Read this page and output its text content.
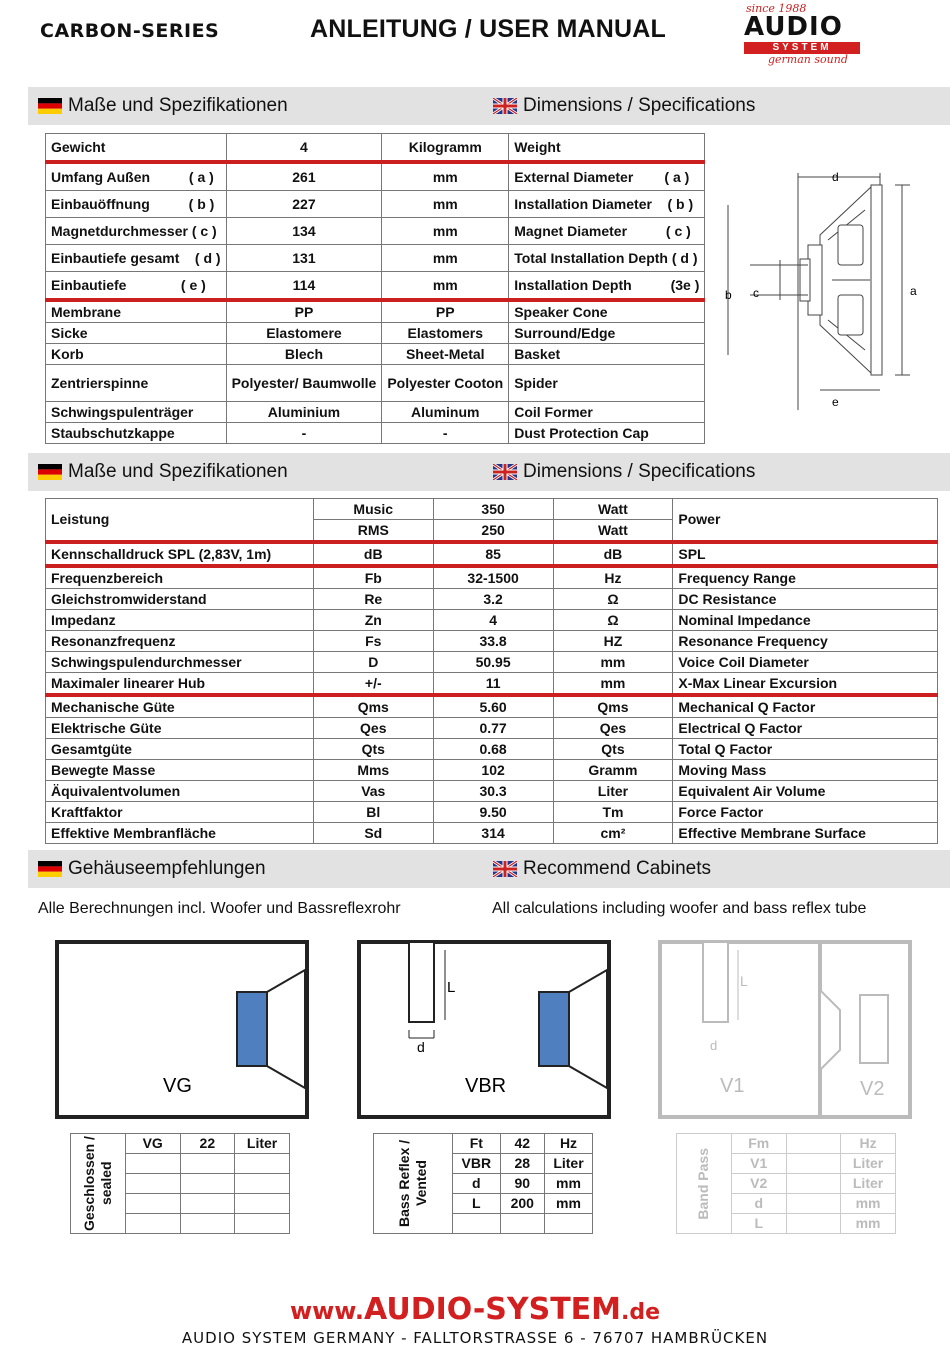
CARBON-SERIES	ANLEITUNG / USER MANUAL
since 1988
AUDIO
SYSTEM
german sound
Maße und Spezifikationen	Dimensions / Specifications
Gewicht	4	Kilogramm	Weight
Umfang Außen          ( a )	261	mm	External Diameter        ( a )
Einbauöffnung          ( b )	227	mm	Installation Diameter    ( b )
Magnetdurchmesser ( c )	134	mm	Magnet Diameter          ( c )
Einbautiefe gesamt    ( d )	131	mm	Total Installation Depth ( d )
Einbautiefe              ( e )	114	mm	Installation Depth          (3e )
Membrane	PP	PP	Speaker Cone
Sicke	Elastomere	Elastomers	Surround/Edge
Korb	Blech	Sheet-Metal	Basket
Zentrierspinne	Polyester/ Baumwolle	Polyester Cooton	Spider
Schwingspulenträger	Aluminium	Aluminum	Coil Former
Staubschutzkappe	-	-	Dust Protection Cap
d
a
b c
e
Maße und Spezifikationen	Dimensions / Specifications
Leistung	Music	350	Watt	Power
	RMS	250	Watt	
Kennschalldruck SPL (2,83V, 1m)	dB	85	dB	SPL
Frequenzbereich	Fb	32-1500	Hz	Frequency Range
Gleichstromwiderstand	Re	3.2	Ω	DC Resistance
Impedanz	Zn	4	Ω	Nominal Impedance
Resonanzfrequenz	Fs	33.8	HZ	Resonance Frequency
Schwingspulendurchmesser	D	50.95	mm	Voice Coil Diameter
Maximaler linearer Hub	+/-	11	mm	X-Max Linear Excursion
Mechanische Güte	Qms	5.60	Qms	Mechanical Q Factor
Elektrische Güte	Qes	0.77	Qes	Electrical Q Factor
Gesamtgüte	Qts	0.68	Qts	Total Q Factor
Bewegte Masse	Mms	102	Gramm	Moving Mass
Äquivalentvolumen	Vas	30.3	Liter	Equivalent Air Volume
Kraftfaktor	Bl	9.50	Tm	Force Factor
Effektive Membranfläche	Sd	314	cm²	Effective Membrane Surface
Gehäuseempfehlungen	Recommend Cabinets
Alle Berechnungen incl. Woofer und Bassreflexrohr	All calculations including woofer and bass reflex tube
VG
L
d
VBR
L
d
V1	V2
Geschlossen / sealed	VG	22	Liter

			Bass Reflex / Vented	Ft	42	Hz
	VBR	28	Liter
	d	90	mm
	L	200	mm
			Band Pass	Fm		Hz
	V1		Liter
	V2		Liter
	d		mm
	L		mm
www.AUDIO-SYSTEM.de
AUDIO SYSTEM GERMANY - FALLTORSTRASSE 6 - 76707 HAMBRÜCKEN
